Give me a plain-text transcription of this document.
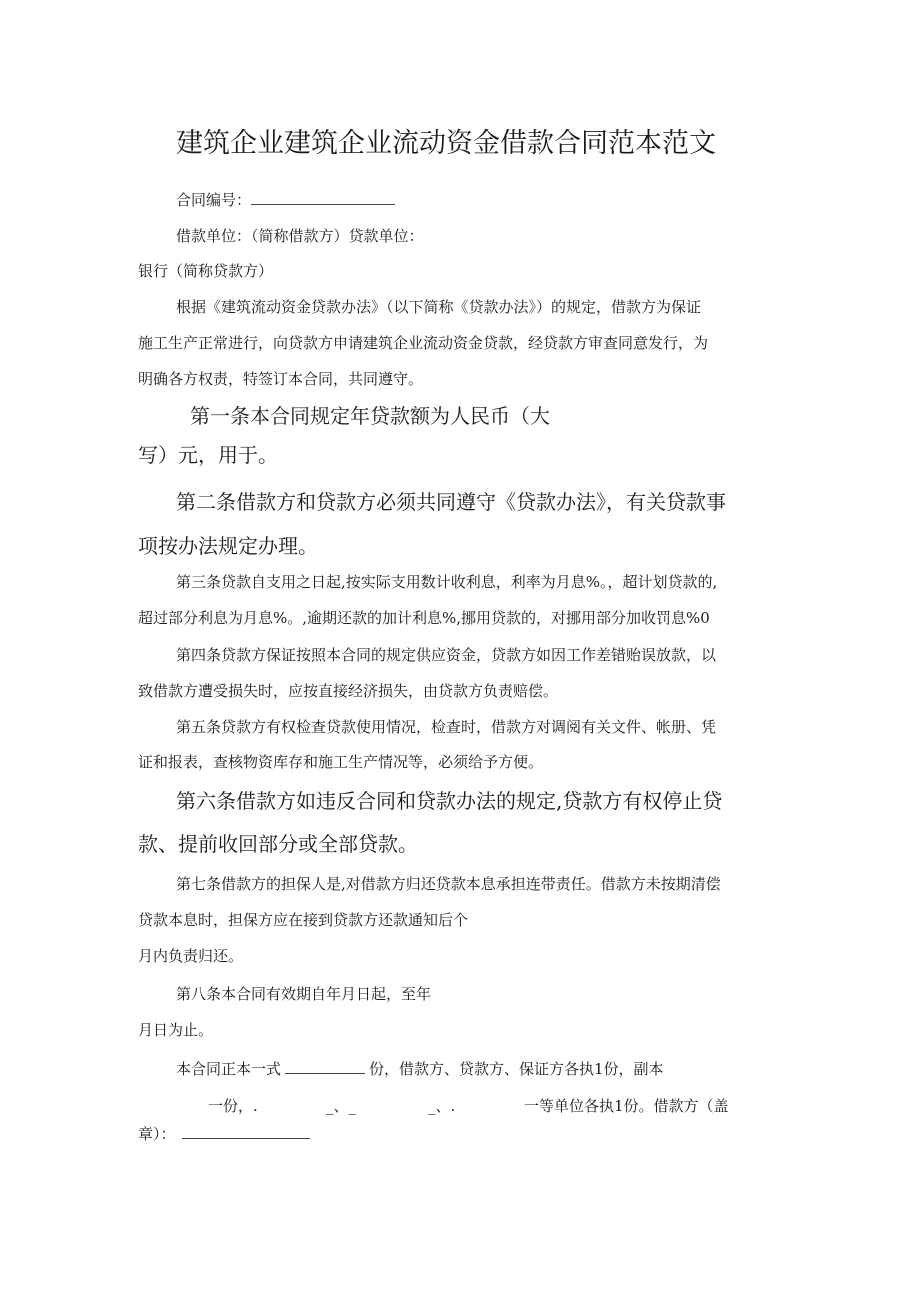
建筑企业建筑企业流动资金借款合同范本范文
合同编号：
借款单位：（简称借款方）贷款单位：
银行（简称贷款方）
根据《建筑流动资金贷款办法》（以下简称《贷款办法》）的规定，借款方为保证
施工生产正常进行，向贷款方申请建筑企业流动资金贷款，经贷款方审查同意发行，为
明确各方权责，特签订本合同，共同遵守。
第一条本合同规定年贷款额为人民币（大
写）元，用于。
第二条借款方和贷款方必须共同遵守《贷款办法》，有关贷款事
项按办法规定办理。
第三条贷款自支用之日起,按实际支用数计收利息，利率为月息%。，超计划贷款的,
超过部分利息为月息%。,逾期还款的加计利息%,挪用贷款的，对挪用部分加收罚息%0
第四条贷款方保证按照本合同的规定供应资金，贷款方如因工作差错贻误放款，以
致借款方遭受损失时，应按直接经济损失，由贷款方负责赔偿。
第五条贷款方有权检查贷款使用情况，检查时，借款方对调阅有关文件、帐册、凭
证和报表，查核物资库存和施工生产情况等，必须给予方便。
第六条借款方如违反合同和贷款办法的规定,贷款方有权停止贷
款、提前收回部分或全部贷款。
第七条借款方的担保人是,对借款方归还贷款本息承担连带责任。借款方未按期清偿
贷款本息时，担保方应在接到贷款方还款通知后个
月内负责归还。
第八条本合同有效期自年月日起，至年
月日为止。
本合同正本一式	份，借款方、贷款方、保证方各执1份，副本
一份，.	_、_	_、.	一等单位各执1份。借款方（盖
章）：
